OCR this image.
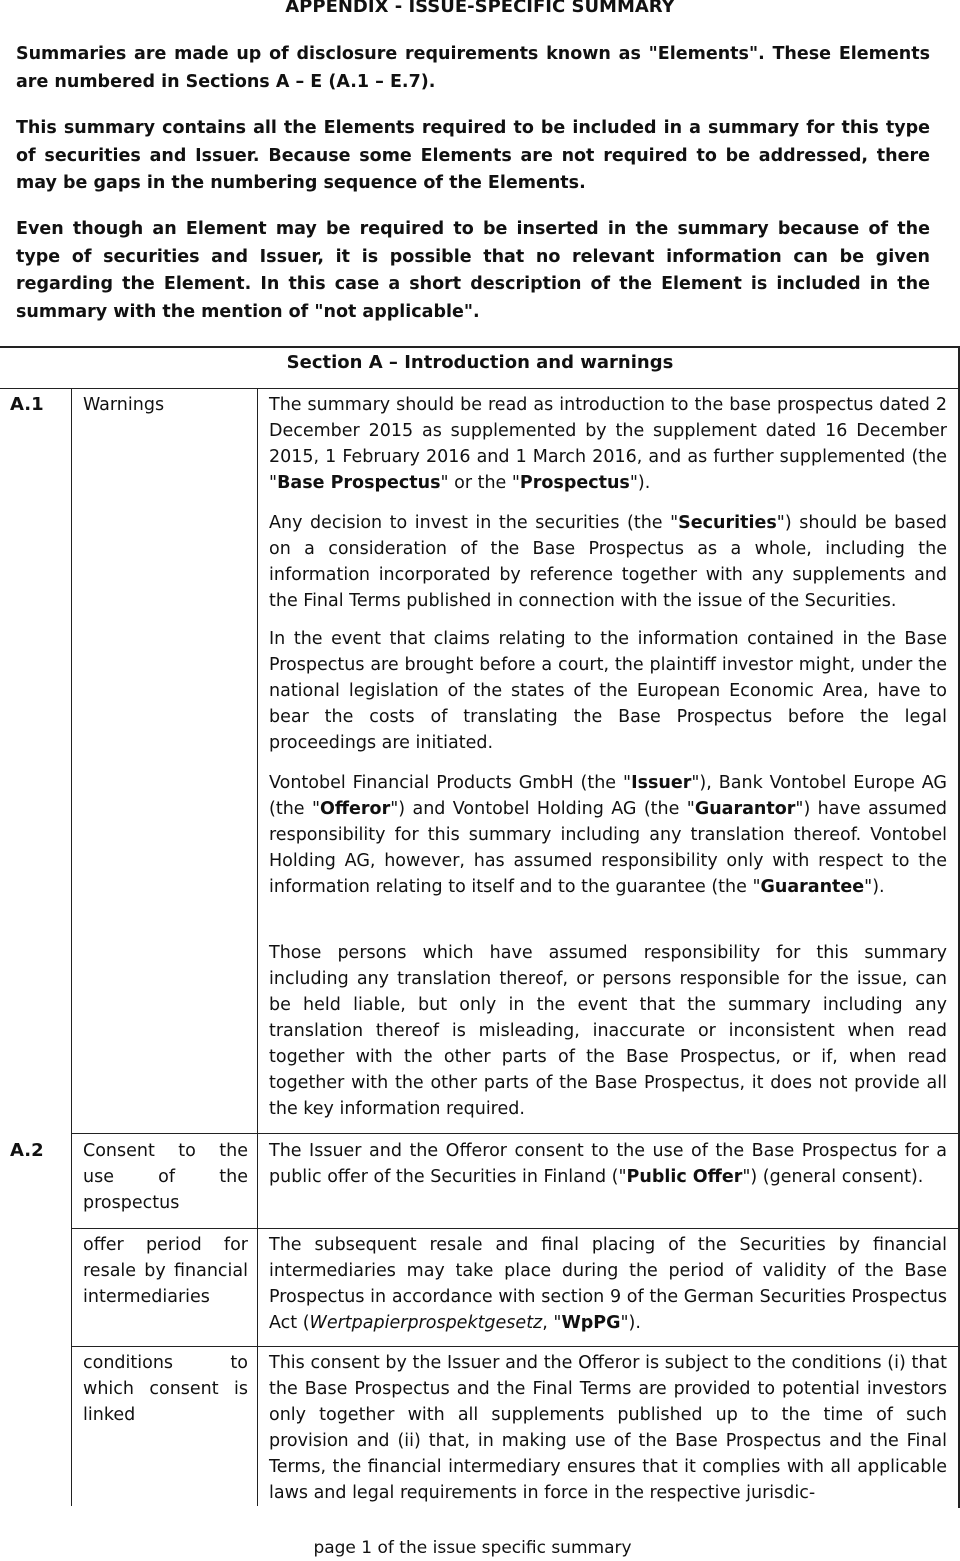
APPENDIX - ISSUE-SPECIFIC SUMMARY

Summaries are made up of disclosure requirements known as "Elements". These Elements are numbered in Sections A – E (A.1 – E.7).

This summary contains all the Elements required to be included in a summary for this type of securities and Issuer. Because some Elements are not required to be addressed, there may be gaps in the numbering sequence of the Elements.

Even though an Element may be required to be inserted in the summary because of the type of securities and Issuer, it is possible that no relevant information can be given regarding the Element. In this case a short description of the Element is included in the summary with the mention of "not applicable".

Section A – Introduction and warnings
A.1 Warnings	The summary should be read as introduction to the base prospectus dated 2 December 2015 as supplemented by the supplement dated 16 December 2015, 1 February 2016 and 1 March 2016, and as further supplemented (the "Base Prospectus" or the "Prospectus").

Any decision to invest in the securities (the "Securities") should be based on a consideration of the Base Prospectus as a whole, including the information incorporated by reference together with any supplements and the Final Terms published in connection with the issue of the Securities.

In the event that claims relating to the information contained in the Base Prospectus are brought before a court, the plaintiff investor might, under the national legislation of the states of the European Economic Area, have to bear the costs of translating the Base Prospectus before the legal proceedings are initiated.

Vontobel Financial Products GmbH (the "Issuer"), Bank Vontobel Europe AG (the "Offeror") and Vontobel Holding AG (the "Guarantor") have assumed responsibility for this summary including any translation thereof. Vontobel Holding AG, however, has assumed responsibility only with respect to the information relating to itself and to the guarantee (the "Guarantee").

Those persons which have assumed responsibility for this summary including any translation thereof, or persons responsible for the issue, can be held liable, but only in the event that the summary including any translation thereof is misleading, inaccurate or inconsistent when read together with the other parts of the Base Prospectus, or if, when read together with the other parts of the Base Prospectus, it does not provide all the key information required.

A.2 Consent to the use of the prospectus

The Issuer and the Offeror consent to the use of the Base Prospectus for a public offer of the Securities in Finland ("Public Offer") (general consent).

offer period for resale by financial intermediaries

The subsequent resale and final placing of the Securities by financial intermediaries may take place during the period of validity of the Base Prospectus in accordance with section 9 of the German Securities Prospectus Act (Wertpapierprospektgesetz, "WpPG").

conditions to which consent is linked

This consent by the Issuer and the Offeror is subject to the conditions (i) that the Base Prospectus and the Final Terms are provided to potential investors only together with all supplements published up to the time of such provision and (ii) that, in making use of the Base Prospectus and the Final Terms, the financial intermediary ensures that it complies with all applicable laws and legal requirements in force in the respective jurisdic-

page 1 of the issue specific summary
